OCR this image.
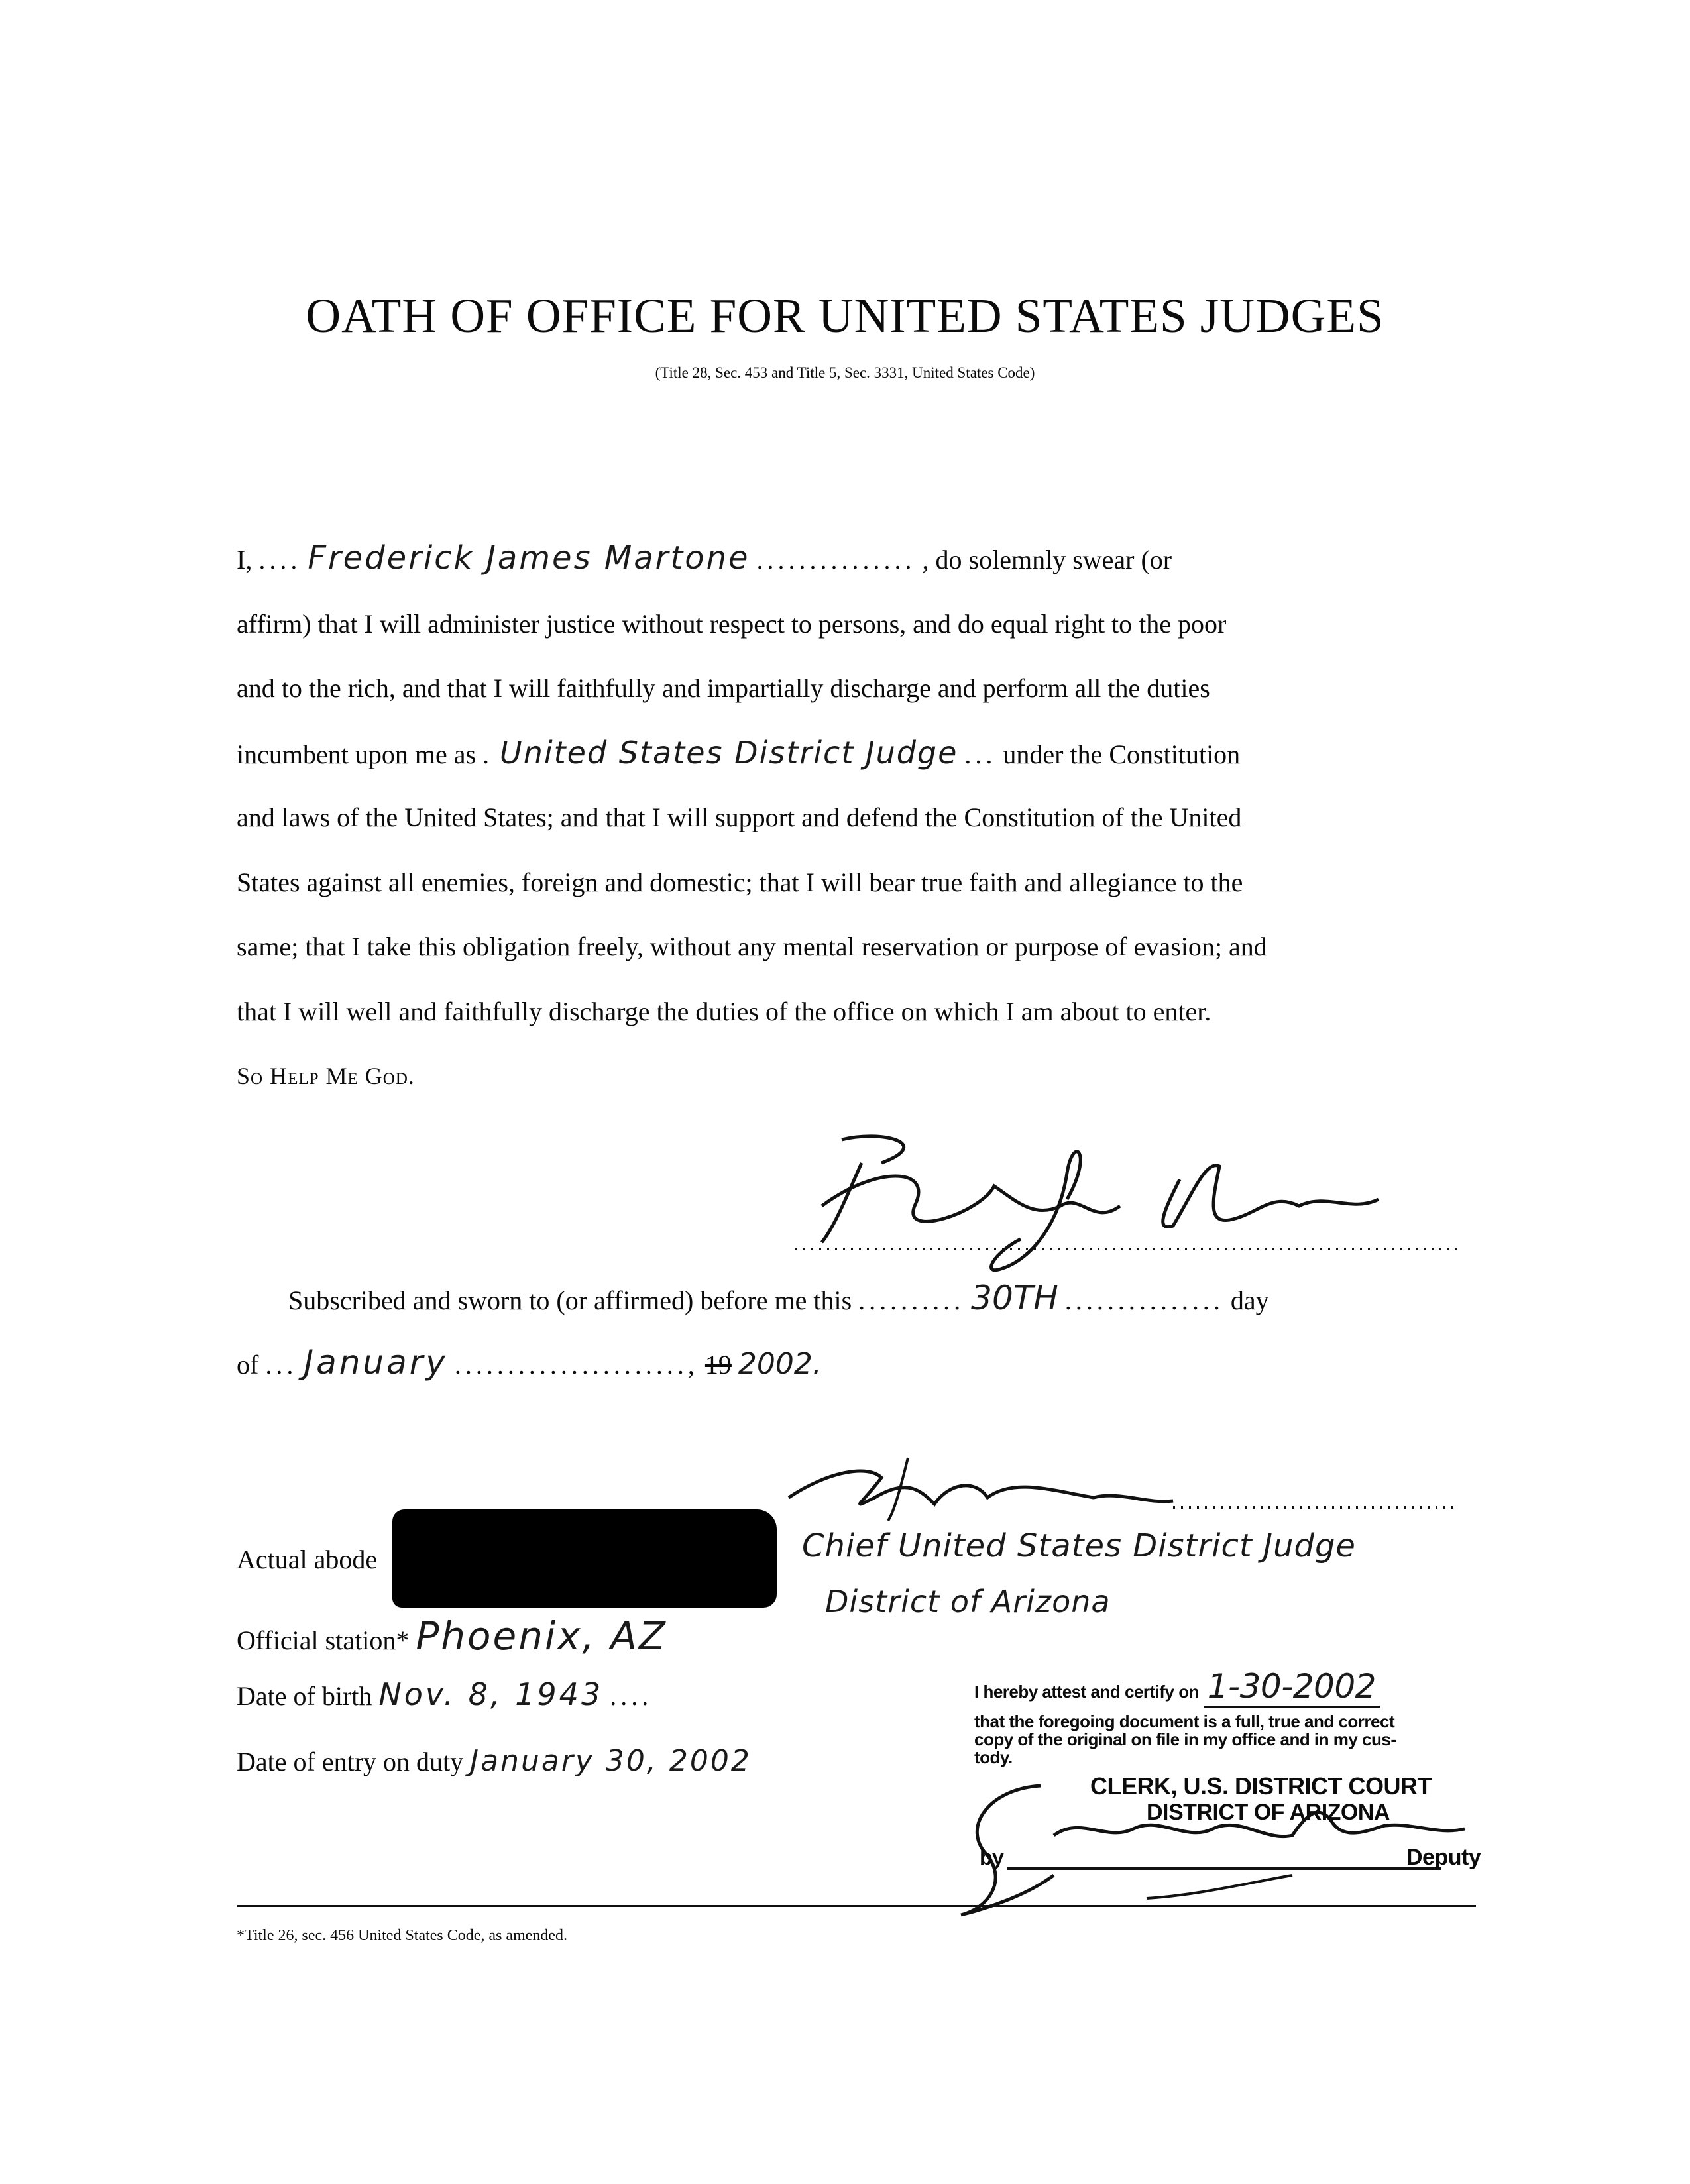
OATH OF OFFICE FOR UNITED STATES JUDGES
(Title 28, Sec. 453 and Title 5, Sec. 3331, United States Code)
I, .... Frederick James Martone ............... , do solemnly swear (or
affirm) that I will administer justice without respect to persons, and do equal right to the poor
and to the rich, and that I will faithfully and impartially discharge and perform all the duties
incumbent upon me as . United States District Judge ... under the Constitution
and laws of the United States; and that I will support and defend the Constitution of the United
States against all enemies, foreign and domestic; that I will bear true faith and allegiance to the
same; that I take this obligation freely, without any mental reservation or purpose of evasion; and
that I will well and faithfully discharge the duties of the office on which I am about to enter.
So Help Me God.
Subscribed and sworn to (or affirmed) before me this .......... 30TH ............... day
of ... January ......................, 19 2002.
Chief United States District Judge
District of Arizona
Actual abode
Official station* Phoenix, AZ
Date of birth Nov. 8, 1943 ....
Date of entry on duty January 30, 2002
I hereby attest and certify on 1-30-2002
that the foregoing document is a full, true and correct
copy of the original on file in my office and in my cus-
tody.
CLERK, U.S. DISTRICT COURT
DISTRICT OF ARIZONA
by	Deputy
*Title 26, sec. 456 United States Code, as amended.
